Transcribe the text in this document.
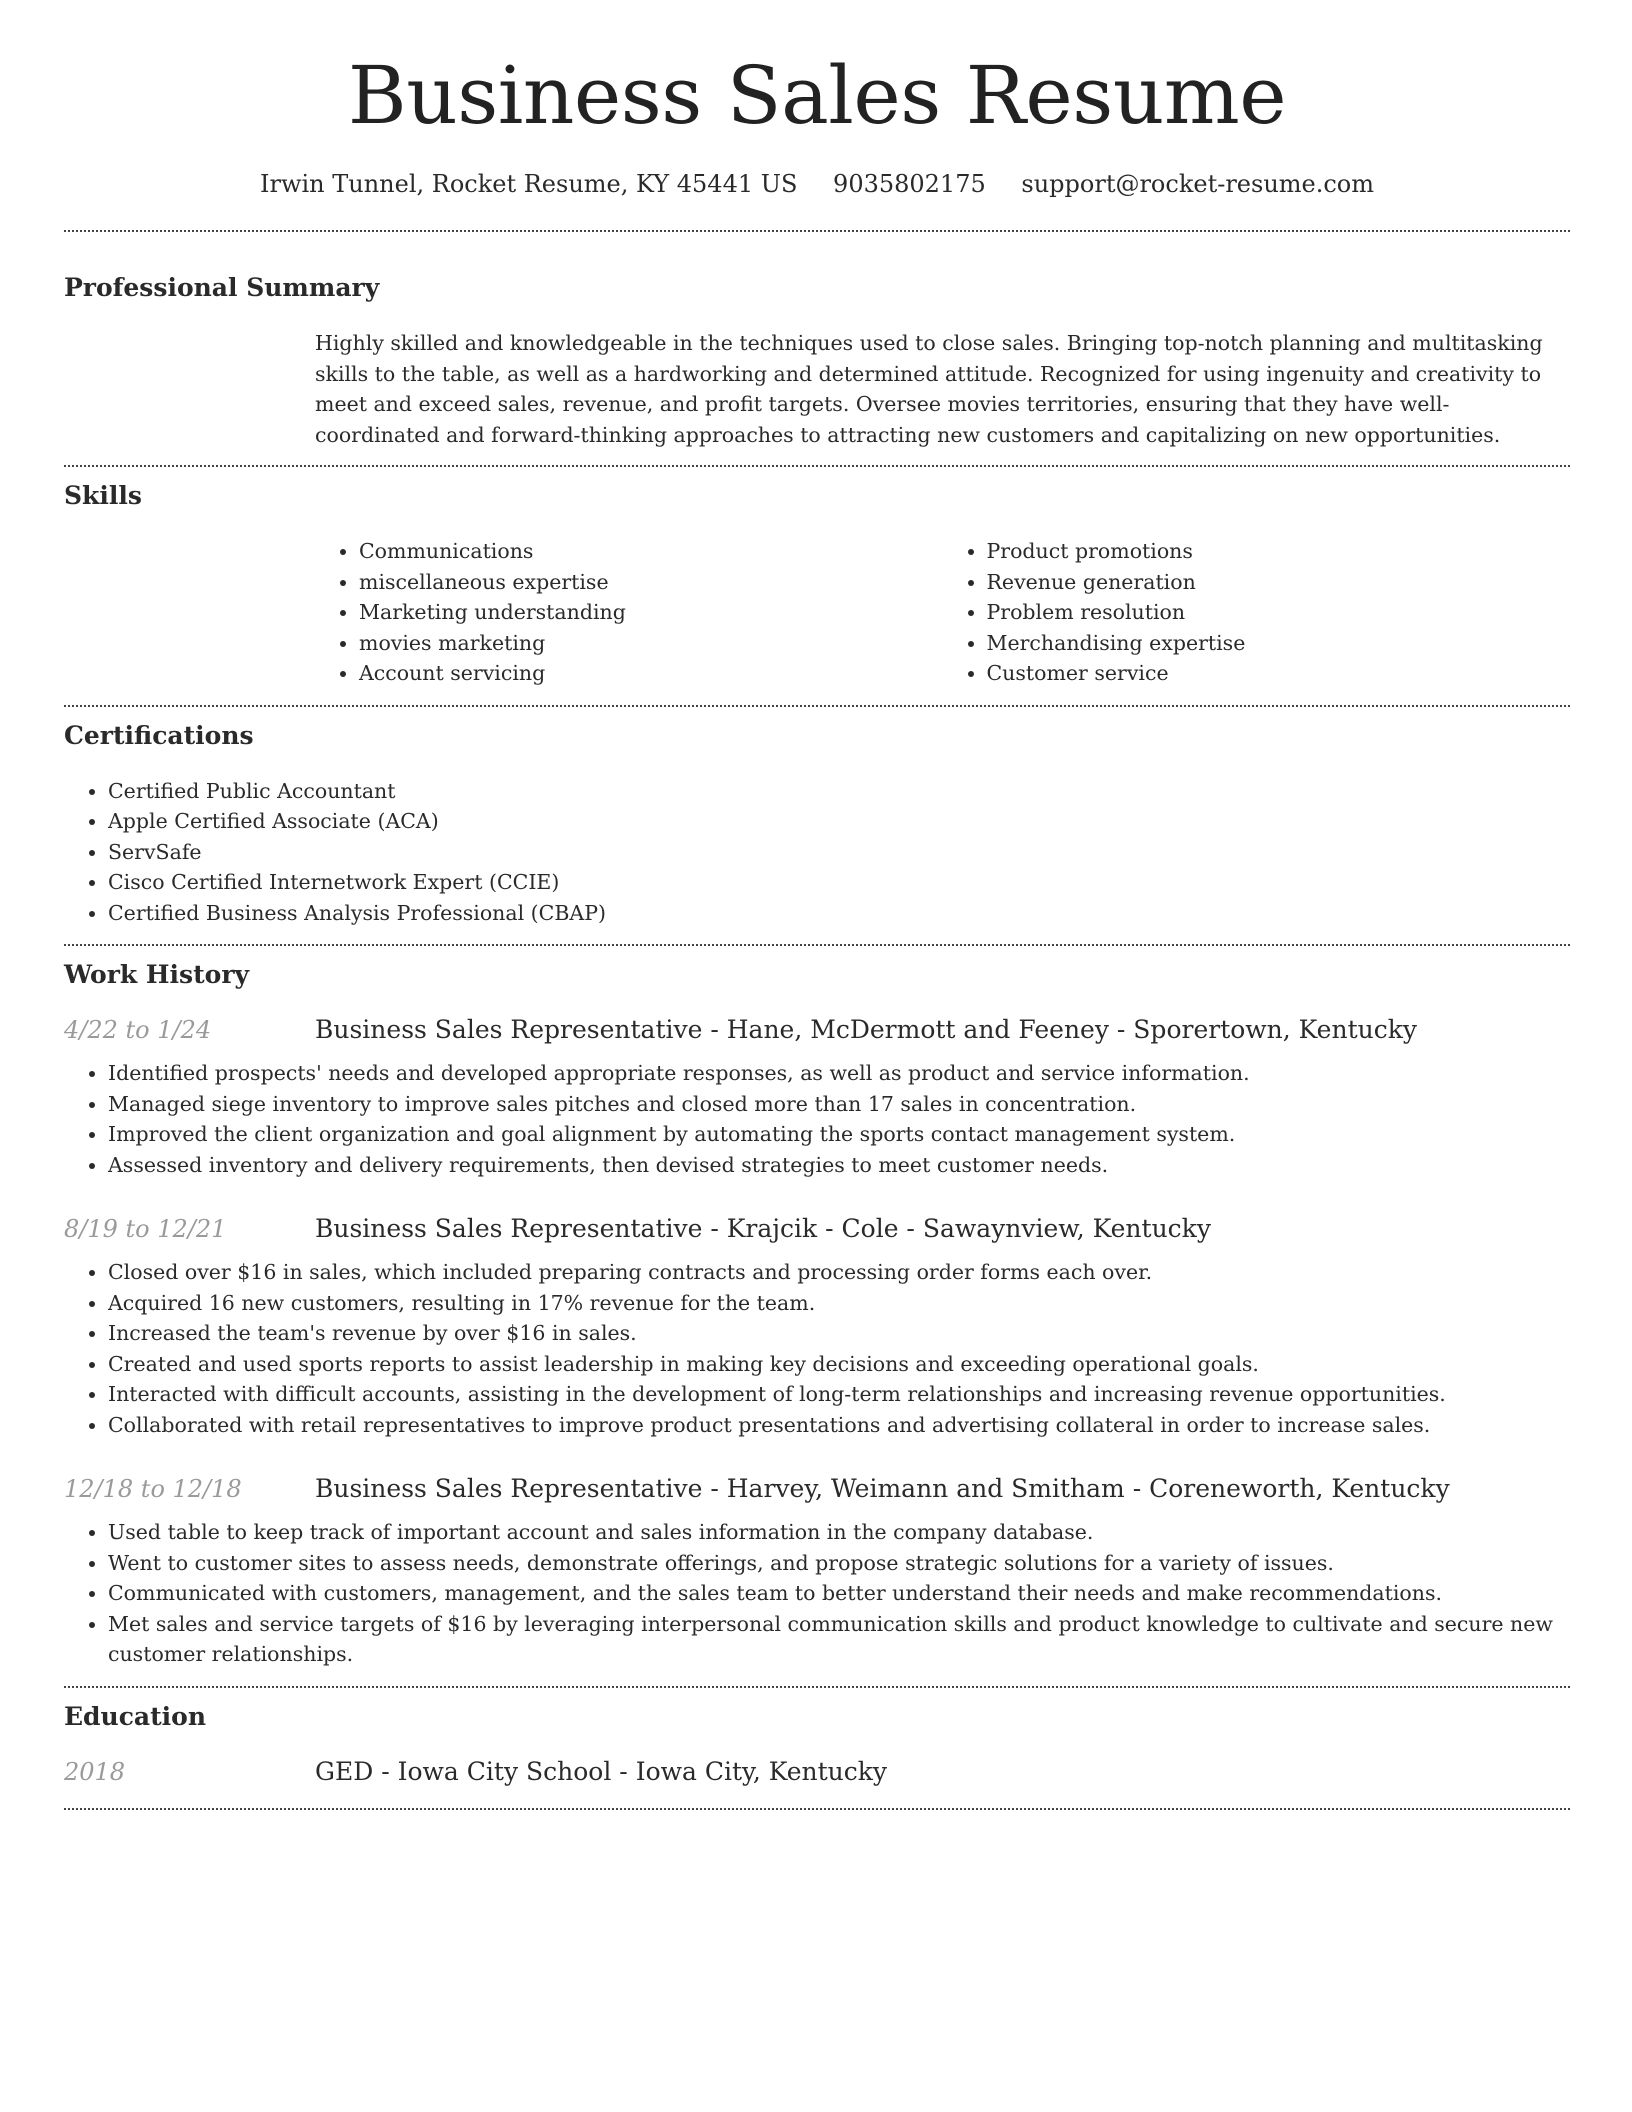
Business Sales Resume
Irwin Tunnel, Rocket Resume, KY 45441 US 9035802175 support@rocket-resume.com
Professional Summary
Highly skilled and knowledgeable in the techniques used to close sales. Bringing top-notch planning and multitasking skills to the table, as well as a hardworking and determined attitude. Recognized for using ingenuity and creativity to meet and exceed sales, revenue, and profit targets. Oversee movies territories, ensuring that they have well-coordinated and forward-thinking approaches to attracting new customers and capitalizing on new opportunities.
Skills
• Communications
• miscellaneous expertise
• Marketing understanding
• movies marketing
• Account servicing
• Product promotions
• Revenue generation
• Problem resolution
• Merchandising expertise
• Customer service
Certifications
• Certified Public Accountant
• Apple Certified Associate (ACA)
• ServSafe
• Cisco Certified Internetwork Expert (CCIE)
• Certified Business Analysis Professional (CBAP)
Work History
4/22 to 1/24	Business Sales Representative - Hane, McDermott and Feeney - Sporertown, Kentucky
• Identified prospects' needs and developed appropriate responses, as well as product and service information.
• Managed siege inventory to improve sales pitches and closed more than 17 sales in concentration.
• Improved the client organization and goal alignment by automating the sports contact management system.
• Assessed inventory and delivery requirements, then devised strategies to meet customer needs.
8/19 to 12/21	Business Sales Representative - Krajcik - Cole - Sawaynview, Kentucky
• Closed over $16 in sales, which included preparing contracts and processing order forms each over.
• Acquired 16 new customers, resulting in 17% revenue for the team.
• Increased the team's revenue by over $16 in sales.
• Created and used sports reports to assist leadership in making key decisions and exceeding operational goals.
• Interacted with difficult accounts, assisting in the development of long-term relationships and increasing revenue opportunities.
• Collaborated with retail representatives to improve product presentations and advertising collateral in order to increase sales.
12/18 to 12/18	Business Sales Representative - Harvey, Weimann and Smitham - Coreneworth, Kentucky
• Used table to keep track of important account and sales information in the company database.
• Went to customer sites to assess needs, demonstrate offerings, and propose strategic solutions for a variety of issues.
• Communicated with customers, management, and the sales team to better understand their needs and make recommendations.
• Met sales and service targets of $16 by leveraging interpersonal communication skills and product knowledge to cultivate and secure new customer relationships.
Education
2018	GED - Iowa City School - Iowa City, Kentucky
